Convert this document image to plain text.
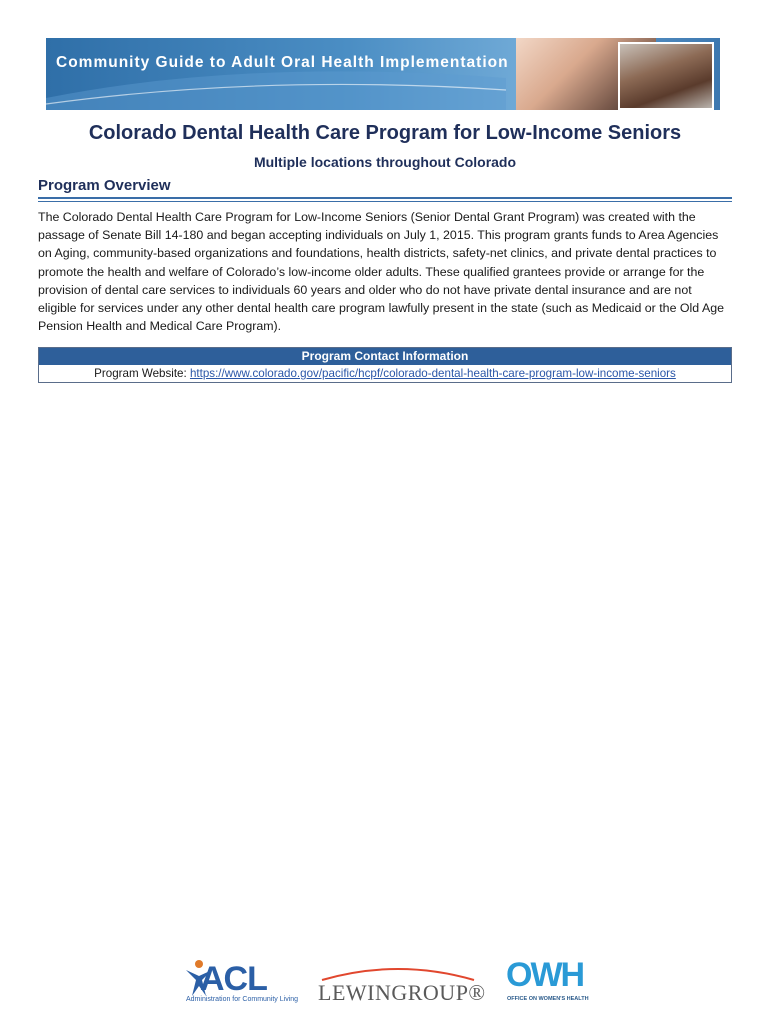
Community Guide to Adult Oral Health Implementation
Colorado Dental Health Care Program for Low-Income Seniors
Multiple locations throughout Colorado
Program Overview
The Colorado Dental Health Care Program for Low-Income Seniors (Senior Dental Grant Program) was created with the passage of Senate Bill 14-180 and began accepting individuals on July 1, 2015. This program grants funds to Area Agencies on Aging, community-based organizations and foundations, health districts, safety-net clinics, and private dental practices to promote the health and welfare of Colorado’s low-income older adults. These qualified grantees provide or arrange for the provision of dental care services to individuals 60 years and older who do not have private dental insurance and are not eligible for services under any other dental health care program lawfully present in the state (such as Medicaid or the Old Age Pension Health and Medical Care Program).
Program Contact Information
Program Website: https://www.colorado.gov/pacific/hcpf/colorado-dental-health-care-program-low-income-seniors
ACL
Administration for Community Living LEWINGROUP® OWH
OFFICE ON WOMEN'S HEALTH
